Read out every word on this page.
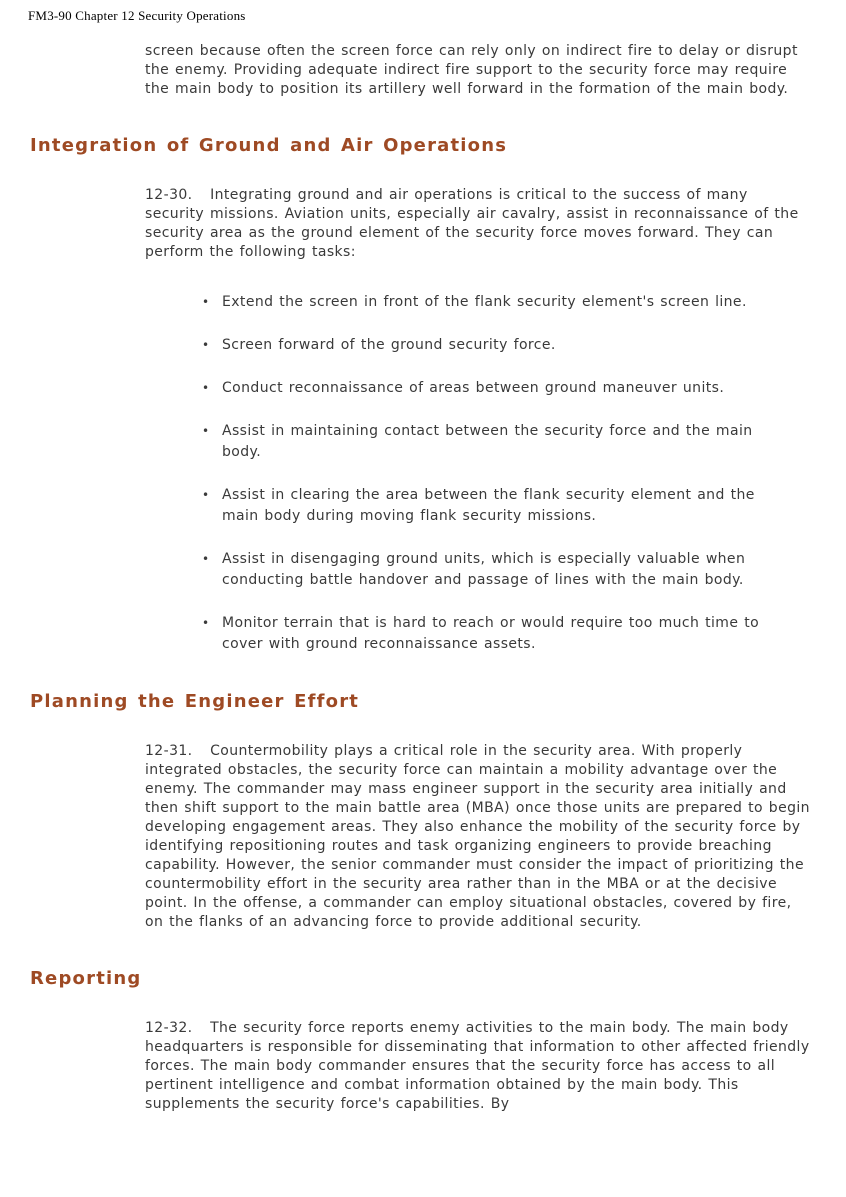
FM3-90 Chapter 12 Security Operations

screen because often the screen force can rely only on indirect fire to delay or disrupt the enemy. Providing adequate indirect fire support to the security force may require the main body to position its artillery well forward in the formation of the main body.

Integration of Ground and Air Operations

12-30.   Integrating ground and air operations is critical to the success of many security missions. Aviation units, especially air cavalry, assist in reconnaissance of the security area as the ground element of the security force moves forward. They can perform the following tasks:

• Extend the screen in front of the flank security element's screen line.
• Screen forward of the ground security force.
• Conduct reconnaissance of areas between ground maneuver units.
• Assist in maintaining contact between the security force and the main body.
• Assist in clearing the area between the flank security element and the main body during moving flank security missions.
• Assist in disengaging ground units, which is especially valuable when conducting battle handover and passage of lines with the main body.
• Monitor terrain that is hard to reach or would require too much time to cover with ground reconnaissance assets.
Planning the Engineer Effort

12-31.   Countermobility plays a critical role in the security area. With properly integrated obstacles, the security force can maintain a mobility advantage over the enemy. The commander may mass engineer support in the security area initially and then shift support to the main battle area (MBA) once those units are prepared to begin developing engagement areas. They also enhance the mobility of the security force by identifying repositioning routes and task organizing engineers to provide breaching capability. However, the senior commander must consider the impact of prioritizing the countermobility effort in the security area rather than in the MBA or at the decisive point. In the offense, a commander can employ situational obstacles, covered by fire, on the flanks of an advancing force to provide additional security.

Reporting

12-32.   The security force reports enemy activities to the main body. The main body headquarters is responsible for disseminating that information to other affected friendly forces. The main body commander ensures that the security force has access to all pertinent intelligence and combat information obtained by the main body. This supplements the security force's capabilities. By
